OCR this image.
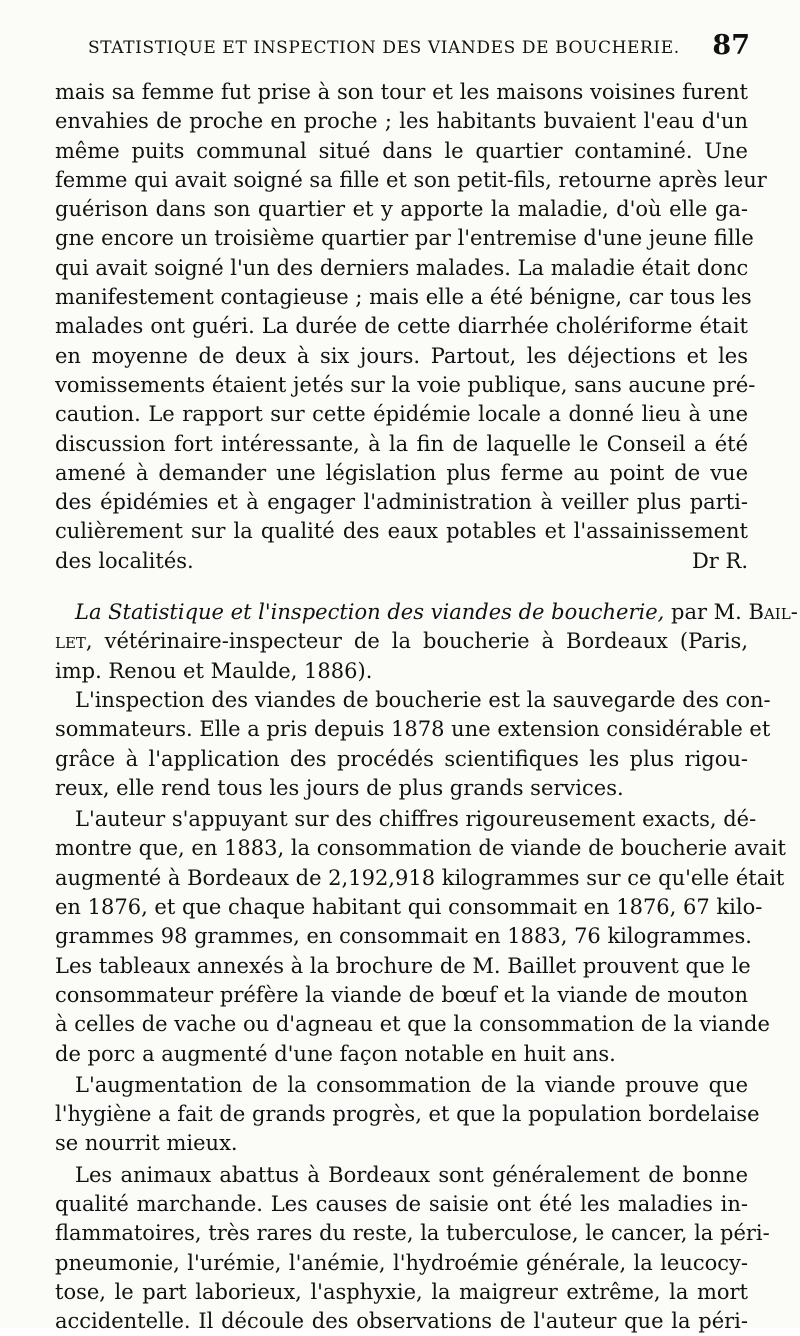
STATISTIQUE ET INSPECTION DES VIANDES DE BOUCHERIE. 87
mais sa femme fut prise à son tour et les maisons voisines furent
envahies de proche en proche ; les habitants buvaient l'eau d'un
même puits communal situé dans le quartier contaminé. Une
femme qui avait soigné sa fille et son petit-fils, retourne après leur
guérison dans son quartier et y apporte la maladie, d'où elle ga-
gne encore un troisième quartier par l'entremise d'une jeune fille
qui avait soigné l'un des derniers malades. La maladie était donc
manifestement contagieuse ; mais elle a été bénigne, car tous les
malades ont guéri. La durée de cette diarrhée cholériforme était
en moyenne de deux à six jours. Partout, les déjections et les
vomissements étaient jetés sur la voie publique, sans aucune pré-
caution. Le rapport sur cette épidémie locale a donné lieu à une
discussion fort intéressante, à la fin de laquelle le Conseil a été
amené à demander une législation plus ferme au point de vue
des épidémies et à engager l'administration à veiller plus parti-
culièrement sur la qualité des eaux potables et l'assainissement
des localités.	Dr R.
La Statistique et l'inspection des viandes de boucherie, par M. Bail-
let, vétérinaire-inspecteur de la boucherie à Bordeaux (Paris,
imp. Renou et Maulde, 1886).
L'inspection des viandes de boucherie est la sauvegarde des con-
sommateurs. Elle a pris depuis 1878 une extension considérable et
grâce à l'application des procédés scientifiques les plus rigou-
reux, elle rend tous les jours de plus grands services.
L'auteur s'appuyant sur des chiffres rigoureusement exacts, dé-
montre que, en 1883, la consommation de viande de boucherie avait
augmenté à Bordeaux de 2,192,918 kilogrammes sur ce qu'elle était
en 1876, et que chaque habitant qui consommait en 1876, 67 kilo-
grammes 98 grammes, en consommait en 1883, 76 kilogrammes.
Les tableaux annexés à la brochure de M. Baillet prouvent que le
consommateur préfère la viande de bœuf et la viande de mouton
à celles de vache ou d'agneau et que la consommation de la viande
de porc a augmenté d'une façon notable en huit ans.
L'augmentation de la consommation de la viande prouve que
l'hygiène a fait de grands progrès, et que la population bordelaise
se nourrit mieux.
Les animaux abattus à Bordeaux sont généralement de bonne
qualité marchande. Les causes de saisie ont été les maladies in-
flammatoires, très rares du reste, la tuberculose, le cancer, la péri-
pneumonie, l'urémie, l'anémie, l'hydroémie générale, la leucocy-
tose, le part laborieux, l'asphyxie, la maigreur extrême, la mort
accidentelle. Il découle des observations de l'auteur que la péri-
